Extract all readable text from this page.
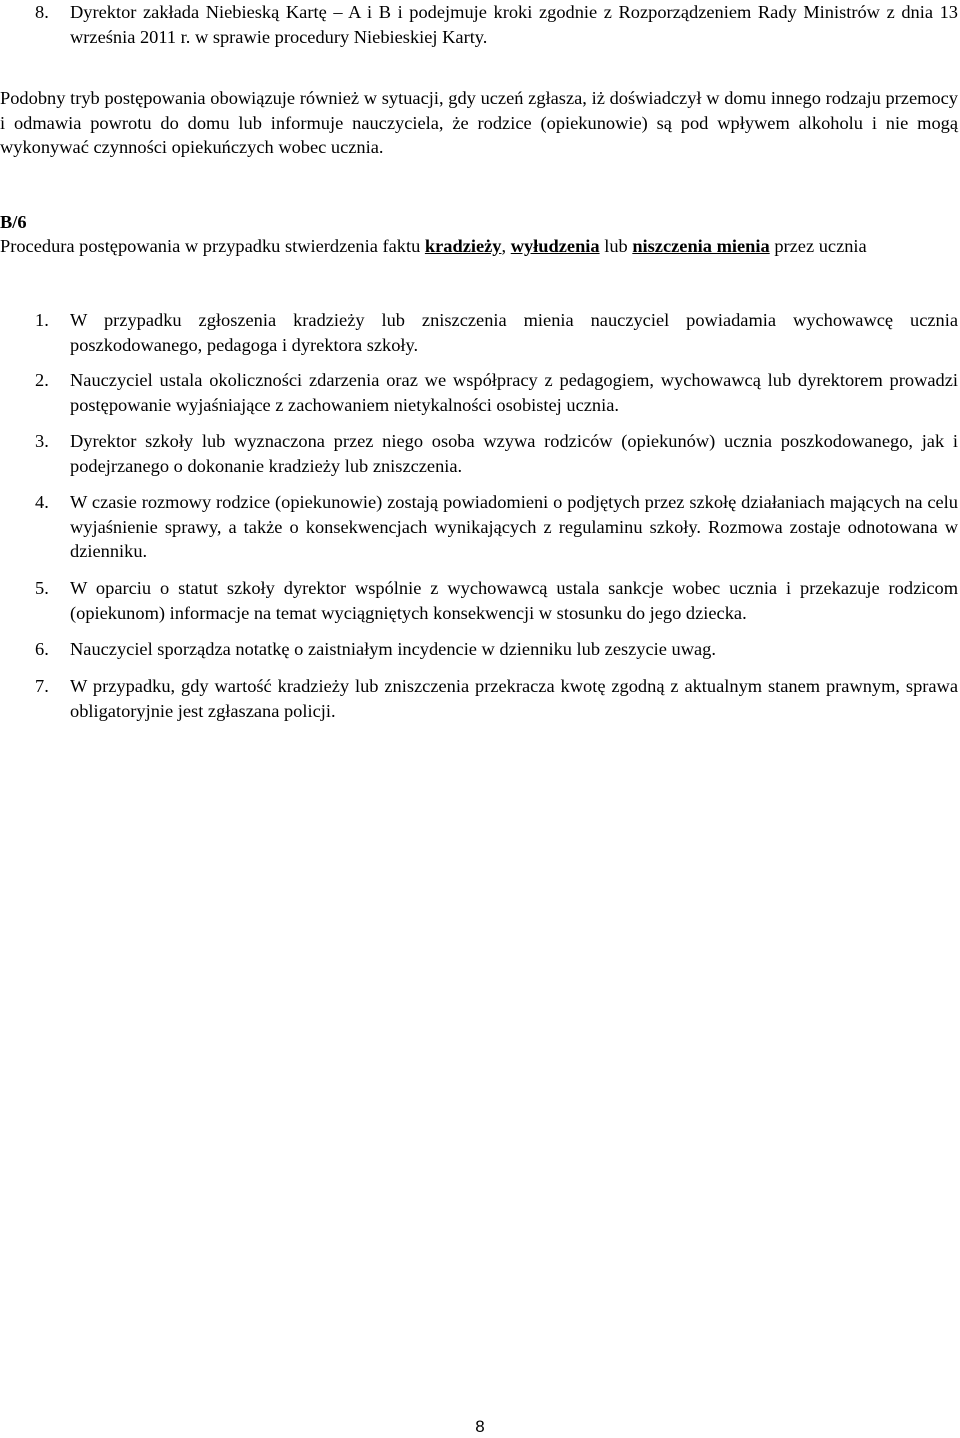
8. Dyrektor zakłada Niebieską Kartę – A i B i podejmuje kroki zgodnie z Rozporządzeniem Rady Ministrów z dnia 13 września 2011 r. w sprawie procedury Niebieskiej Karty.
Podobny tryb postępowania obowiązuje również w sytuacji, gdy uczeń zgłasza, iż doświadczył w domu innego rodzaju przemocy i odmawia powrotu do domu lub informuje nauczyciela, że rodzice (opiekunowie) są pod wpływem alkoholu i nie mogą wykonywać czynności opiekuńczych wobec ucznia.
B/6
Procedura postępowania w przypadku stwierdzenia faktu kradzieży, wyłudzenia lub niszczenia mienia przez ucznia
1. W przypadku zgłoszenia kradzieży lub zniszczenia mienia nauczyciel powiadamia wychowawcę ucznia poszkodowanego, pedagoga i dyrektora szkoły.
2. Nauczyciel ustala okoliczności zdarzenia oraz we współpracy z pedagogiem, wychowawcą lub dyrektorem prowadzi postępowanie wyjaśniające z zachowaniem nietykalności osobistej ucznia.
3. Dyrektor szkoły lub wyznaczona przez niego osoba wzywa rodziców (opiekunów) ucznia poszkodowanego, jak i podejrzanego o dokonanie kradzieży lub zniszczenia.
4. W czasie rozmowy rodzice (opiekunowie) zostają powiadomieni o podjętych przez szkołę działaniach mających na celu wyjaśnienie sprawy, a także o konsekwencjach wynikających z regulaminu szkoły. Rozmowa zostaje odnotowana w dzienniku.
5. W oparciu o statut szkoły dyrektor wspólnie z wychowawcą ustala sankcje wobec ucznia i przekazuje rodzicom (opiekunom) informacje na temat wyciągniętych konsekwencji w stosunku do jego dziecka.
6. Nauczyciel sporządza notatkę o zaistniałym incydencie w dzienniku lub zeszycie uwag.
7. W przypadku, gdy wartość kradzieży lub zniszczenia przekracza kwotę zgodną z aktualnym stanem prawnym, sprawa obligatoryjnie jest zgłaszana policji.
8
